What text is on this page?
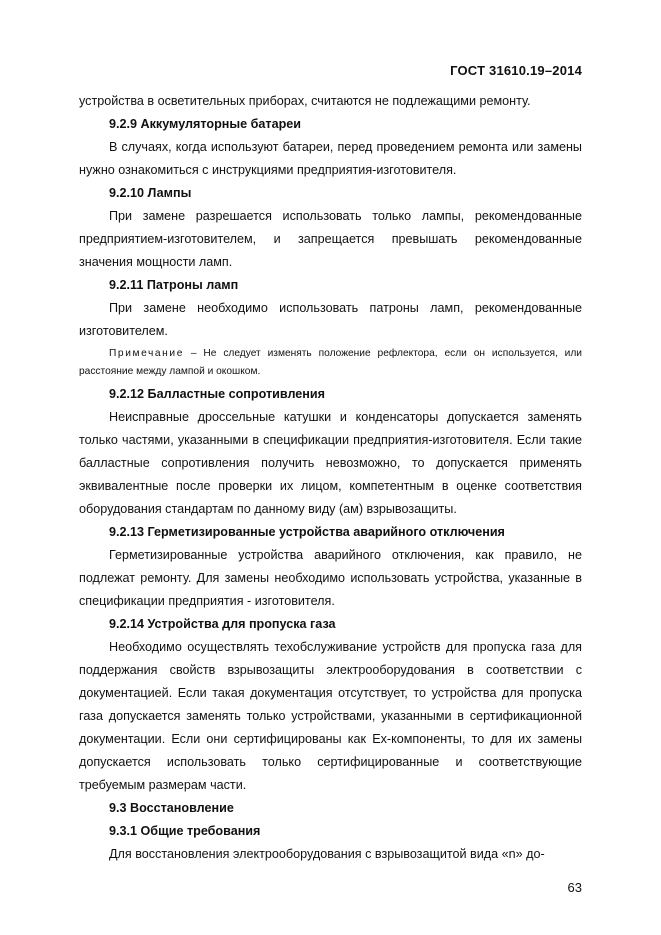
ГОСТ 31610.19–2014

устройства в осветительных приборах, считаются не подлежащими ремонту.

9.2.9 Аккумуляторные батареи

В случаях, когда используют батареи, перед проведением ремонта или замены нужно ознакомиться с инструкциями предприятия-изготовителя.

9.2.10 Лампы

При замене разрешается использовать только лампы, рекомендованные предприятием-изготовителем, и запрещается превышать рекомендованные значения мощности ламп.

9.2.11 Патроны ламп

При замене необходимо использовать патроны ламп, рекомендованные изготовителем.

Примечание – Не следует изменять положение рефлектора, если он используется, или расстояние между лампой и окошком.

9.2.12 Балластные сопротивления

Неисправные дроссельные катушки и конденсаторы допускается заменять только частями, указанными в спецификации предприятия-изготовителя. Если такие балластные сопротивления получить невозможно, то допускается применять эквивалентные после проверки их лицом, компетентным в оценке соответствия оборудования стандартам по данному виду (ам) взрывозащиты.

9.2.13 Герметизированные устройства аварийного отключения

Герметизированные устройства аварийного отключения, как правило, не подлежат ремонту. Для замены необходимо использовать устройства, указанные в спецификации предприятия - изготовителя.

9.2.14 Устройства для пропуска газа

Необходимо осуществлять техобслуживание устройств для пропуска газа для поддержания свойств взрывозащиты электрооборудования в соответствии с документацией. Если такая документация отсутствует, то устройства для пропуска газа допускается заменять только устройствами, указанными в сертификационной документации. Если они сертифицированы как Ex-компоненты, то для их замены допускается использовать только сертифицированные и соответствующие требуемым размерам части.

9.3 Восстановление

9.3.1 Общие требования

Для восстановления электрооборудования с взрывозащитой вида «n» до-

63
